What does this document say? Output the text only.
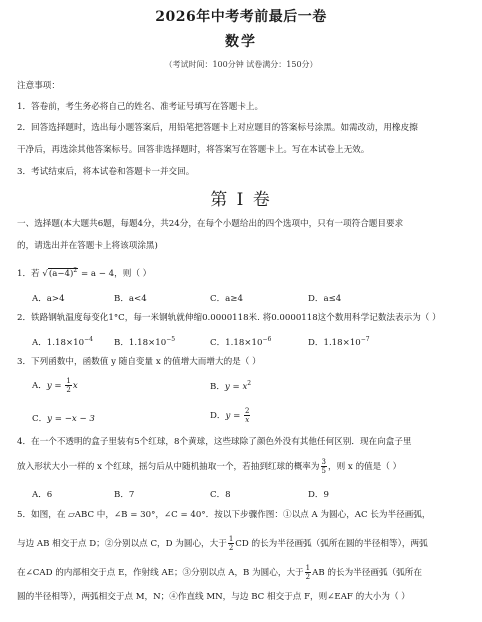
2026年中考考前最后一卷
数学
（考试时间：100分钟 试卷满分：150分）
注意事项：
1．答卷前，考生务必将自己的姓名、准考证号填写在答题卡上。
2．回答选择题时，选出每小题答案后，用铅笔把答题卡上对应题目的答案标号涂黑。如需改动，用橡皮擦
干净后，再选涂其他答案标号。回答非选择题时，将答案写在答题卡上。写在本试卷上无效。
3．考试结束后，将本试卷和答题卡一并交回。
第 I 卷
一、选择题(本大题共6题，每题4分，共24分，在每个小题给出的四个选项中，只有一项符合题目要求
的，请选出并在答题卡上将该项涂黑)
1．若 $√(a-4)^2 = a - 4$，则（ ）
A．a>4	B．a<4	C．a≥4	D．a≤4
2．铁路钢轨温度每变化1°C，每一米钢轨就伸缩0.0000118米. 将0.0000118这个数用科学记数法表示为（ ）
A．$1.18\times 10^{-4}$ B．$1.18\times 10^{-5}$	C．$1.18\times 10^{-6}$	D．$1.18\times 10^{-7}$
3．下列函数中，函数值 y 随自变量 x 的值增大而增大的是（ ）
A．$y = \frac{1}{2}$ x	B．$y = x^2$
C．y = −x − 3	D．$y = \frac{2}{x}$
4．在一个不透明的盒子里装有5个红球，8个黄球，这些球除了颜色外没有其他任何区别．现在向盒子里
放入形状大小一样的 x 个红球，摇匀后从中随机抽取一个，若抽到红球的概率为 $\frac{3}{5}$ ，则 x 的值是（ ）
A．6	B．7	C．8	D．9
5．如图，在 ▱ABC 中，∠B = 30°，∠C = 40°．按以下步骤作图：①以点 A 为圆心，AC 长为半径画弧，
与边 AB 相交于点 D；②分别以点 C，D 为圆心，大于 $\frac{1}{2}$ CD 的长为半径画弧（弧所在圆的半径相等），两弧
在∠CAD 的内部相交于点 E，作射线 AE；③分别以点 A，B 为圆心，大于 $\frac{1}{2}$ AB 的长为半径画弧（弧所在
圆的半径相等），两弧相交于点 M，N；④作直线 MN，与边 BC 相交于点 F，则∠EAF 的大小为（ ）
